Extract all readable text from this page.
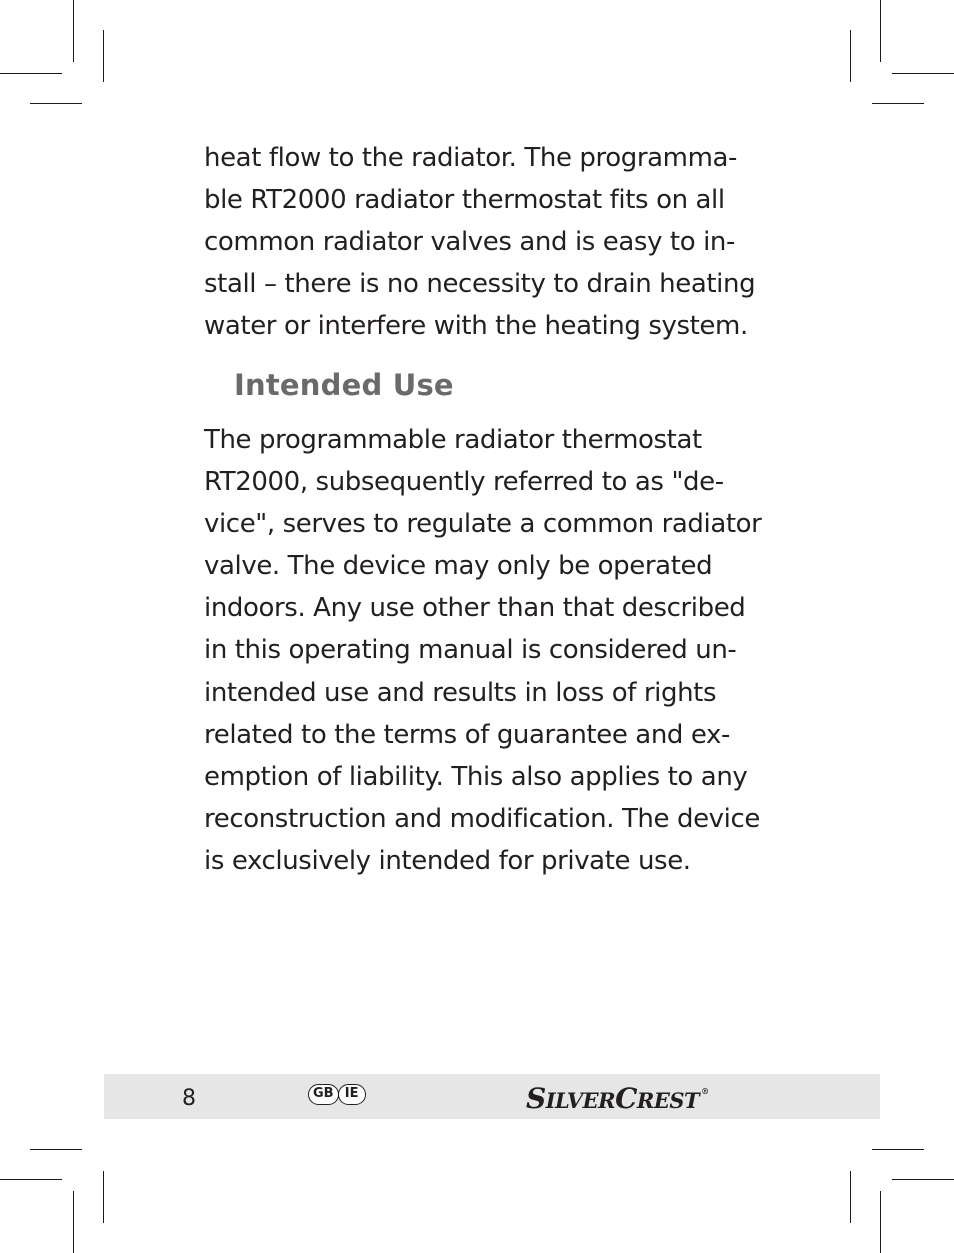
heat flow to the radiator. The programma-
ble RT2000 radiator thermostat fits on all
common radiator valves and is easy to in-
stall – there is no necessity to drain heating
water or interfere with the heating system.

Intended Use

The programmable radiator thermostat
RT2000, subsequently referred to as "de-
vice", serves to regulate a common radiator
valve. The device may only be operated
indoors. Any use other than that described
in this operating manual is considered un-
intended use and results in loss of rights
related to the terms of guarantee and ex-
emption of liability. This also applies to any
reconstruction and modification. The device
is exclusively intended for private use.

8	GB IE	S ILVER C REST ®
